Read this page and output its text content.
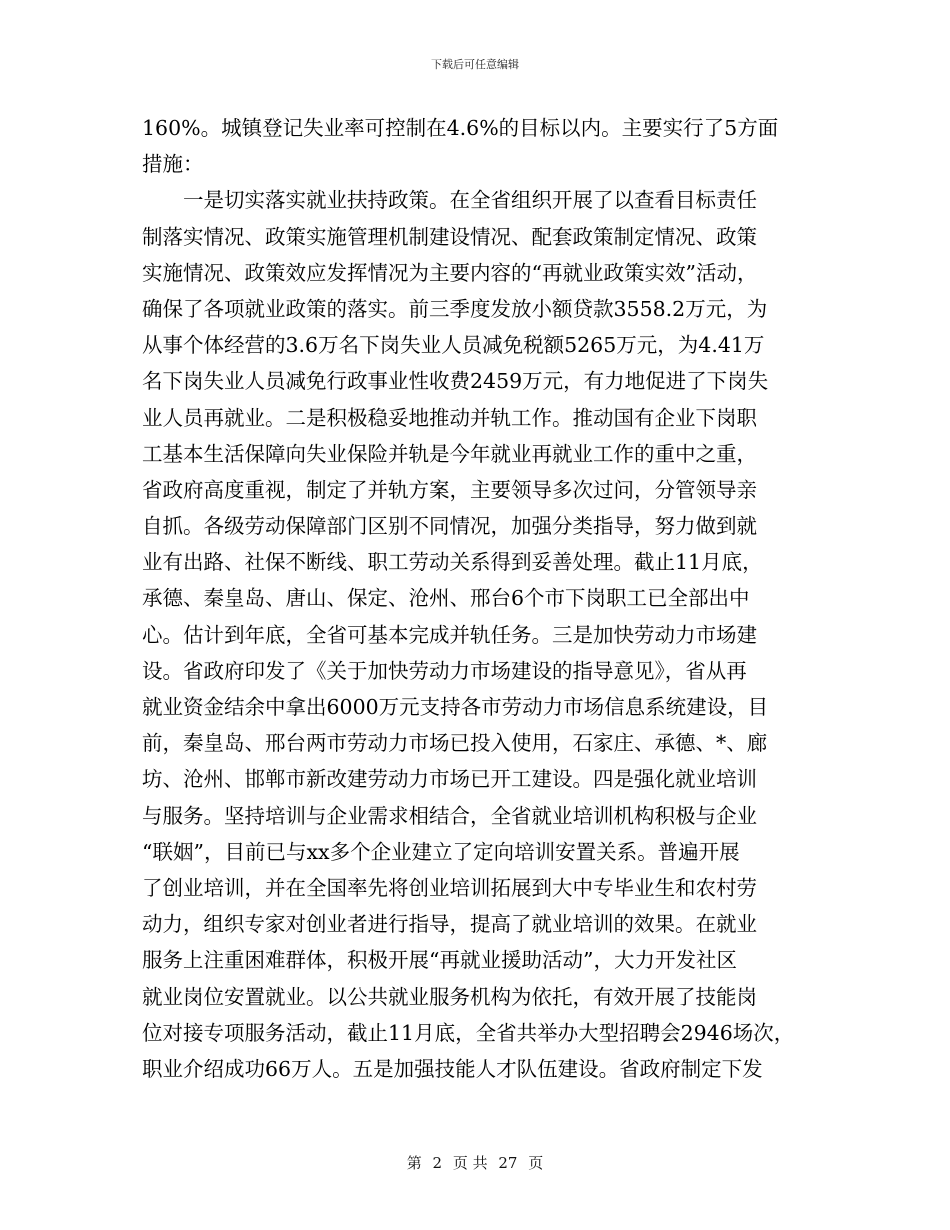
下载后可任意编辑
160%。城镇登记失业率可控制在4.6%的目标以内。主要实行了5方面
措施：
一是切实落实就业扶持政策。在全省组织开展了以查看目标责任
制落实情况、政策实施管理机制建设情况、配套政策制定情况、政策
实施情况、政策效应发挥情况为主要内容的“再就业政策实效”活动，
确保了各项就业政策的落实。前三季度发放小额贷款3558.2万元，为
从事个体经营的3.6万名下岗失业人员减免税额5265万元，为4.41万
名下岗失业人员减免行政事业性收费2459万元，有力地促进了下岗失
业人员再就业。二是积极稳妥地推动并轨工作。推动国有企业下岗职
工基本生活保障向失业保险并轨是今年就业再就业工作的重中之重，
省政府高度重视，制定了并轨方案，主要领导多次过问，分管领导亲
自抓。各级劳动保障部门区别不同情况，加强分类指导，努力做到就
业有出路、社保不断线、职工劳动关系得到妥善处理。截止11月底，
承德、秦皇岛、唐山、保定、沧州、邢台6个市下岗职工已全部出中
心。估计到年底，全省可基本完成并轨任务。三是加快劳动力市场建
设。省政府印发了《关于加快劳动力市场建设的指导意见》，省从再
就业资金结余中拿出6000万元支持各市劳动力市场信息系统建设，目
前，秦皇岛、邢台两市劳动力市场已投入使用，石家庄、承德、*、廊
坊、沧州、邯郸市新改建劳动力市场已开工建设。四是强化就业培训
与服务。坚持培训与企业需求相结合，全省就业培训机构积极与企业
“联姻”，目前已与xx多个企业建立了定向培训安置关系。普遍开展
了创业培训，并在全国率先将创业培训拓展到大中专毕业生和农村劳
动力，组织专家对创业者进行指导，提高了就业培训的效果。在就业
服务上注重困难群体，积极开展“再就业援助活动”，大力开发社区
就业岗位安置就业。以公共就业服务机构为依托，有效开展了技能岗
位对接专项服务活动，截止11月底，全省共举办大型招聘会2946场次，
职业介绍成功66万人。五是加强技能人才队伍建设。省政府制定下发
第 2 页 共 27 页
